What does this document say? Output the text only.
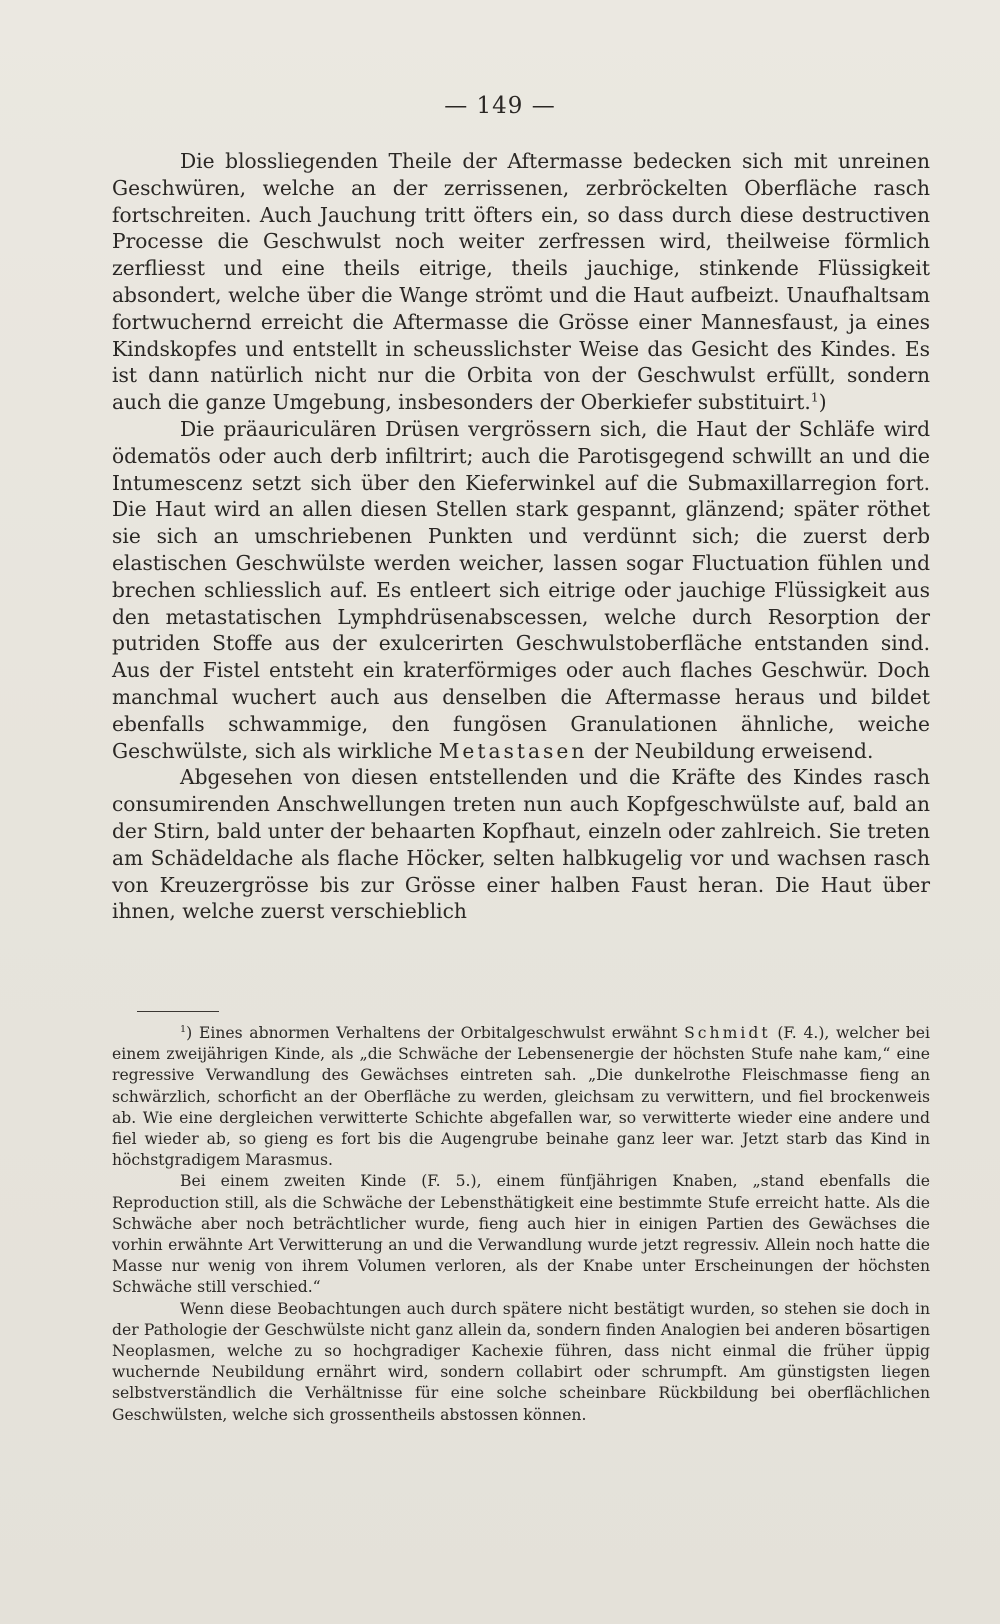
— 149 —

Die blossliegenden Theile der Aftermasse bedecken sich mit unreinen Geschwüren, welche an der zerrissenen, zerbröckelten Oberfläche rasch fortschreiten. Auch Jauchung tritt öfters ein, so dass durch diese destructiven Processe die Geschwulst noch weiter zerfressen wird, theilweise förmlich zerfliesst und eine theils eitrige, theils jauchige, stinkende Flüssigkeit absondert, welche über die Wange strömt und die Haut aufbeizt. Unaufhaltsam fortwuchernd erreicht die Aftermasse die Grösse einer Mannesfaust, ja eines Kindskopfes und entstellt in scheusslichster Weise das Gesicht des Kindes. Es ist dann natürlich nicht nur die Orbita von der Geschwulst erfüllt, sondern auch die ganze Umgebung, insbesonders der Oberkiefer substituirt.$^1$)

Die präauriculären Drüsen vergrössern sich, die Haut der Schläfe wird ödematös oder auch derb infiltrirt; auch die Parotisgegend schwillt an und die Intumescenz setzt sich über den Kieferwinkel auf die Submaxillarregion fort. Die Haut wird an allen diesen Stellen stark gespannt, glänzend; später röthet sie sich an umschriebenen Punkten und verdünnt sich; die zuerst derb elastischen Geschwülste werden weicher, lassen sogar Fluctuation fühlen und brechen schliesslich auf. Es entleert sich eitrige oder jauchige Flüssigkeit aus den metastatischen Lymphdrüsenabscessen, welche durch Resorption der putriden Stoffe aus der exulcerirten Geschwulstoberfläche entstanden sind. Aus der Fistel entsteht ein kraterförmiges oder auch flaches Geschwür. Doch manchmal wuchert auch aus denselben die Aftermasse heraus und bildet ebenfalls schwammige, den fungösen Granulationen ähnliche, weiche Geschwülste, sich als wirkliche Metastasen der Neubildung erweisend.

Abgesehen von diesen entstellenden und die Kräfte des Kindes rasch consumirenden Anschwellungen treten nun auch Kopfgeschwülste auf, bald an der Stirn, bald unter der behaarten Kopfhaut, einzeln oder zahlreich. Sie treten am Schädeldache als flache Höcker, selten halbkugelig vor und wachsen rasch von Kreuzergrösse bis zur Grösse einer halben Faust heran. Die Haut über ihnen, welche zuerst verschieblich

$^1$) Eines abnormen Verhaltens der Orbitalgeschwulst erwähnt Schmidt (F. 4.), welcher bei einem zweijährigen Kinde, als „die Schwäche der Lebensenergie der höchsten Stufe nahe kam,“ eine regressive Verwandlung des Gewächses eintreten sah. „Die dunkelrothe Fleischmasse fieng an schwärzlich, schorficht an der Oberfläche zu werden, gleichsam zu verwittern, und fiel brockenweis ab. Wie eine dergleichen verwitterte Schichte abgefallen war, so verwitterte wieder eine andere und fiel wieder ab, so gieng es fort bis die Augengrube beinahe ganz leer war. Jetzt starb das Kind in höchstgradigem Marasmus.

Bei einem zweiten Kinde (F. 5.), einem fünfjährigen Knaben, „stand ebenfalls die Reproduction still, als die Schwäche der Lebensthätigkeit eine bestimmte Stufe erreicht hatte. Als die Schwäche aber noch beträchtlicher wurde, fieng auch hier in einigen Partien des Gewächses die vorhin erwähnte Art Verwitterung an und die Verwandlung wurde jetzt regressiv. Allein noch hatte die Masse nur wenig von ihrem Volumen verloren, als der Knabe unter Erscheinungen der höchsten Schwäche still verschied.“

Wenn diese Beobachtungen auch durch spätere nicht bestätigt wurden, so stehen sie doch in der Pathologie der Geschwülste nicht ganz allein da, sondern finden Analogien bei anderen bösartigen Neoplasmen, welche zu so hochgradiger Kachexie führen, dass nicht einmal die früher üppig wuchernde Neubildung ernährt wird, sondern collabirt oder schrumpft. Am günstigsten liegen selbstverständlich die Verhältnisse für eine solche scheinbare Rückbildung bei oberflächlichen Geschwülsten, welche sich grossentheils abstossen können.
